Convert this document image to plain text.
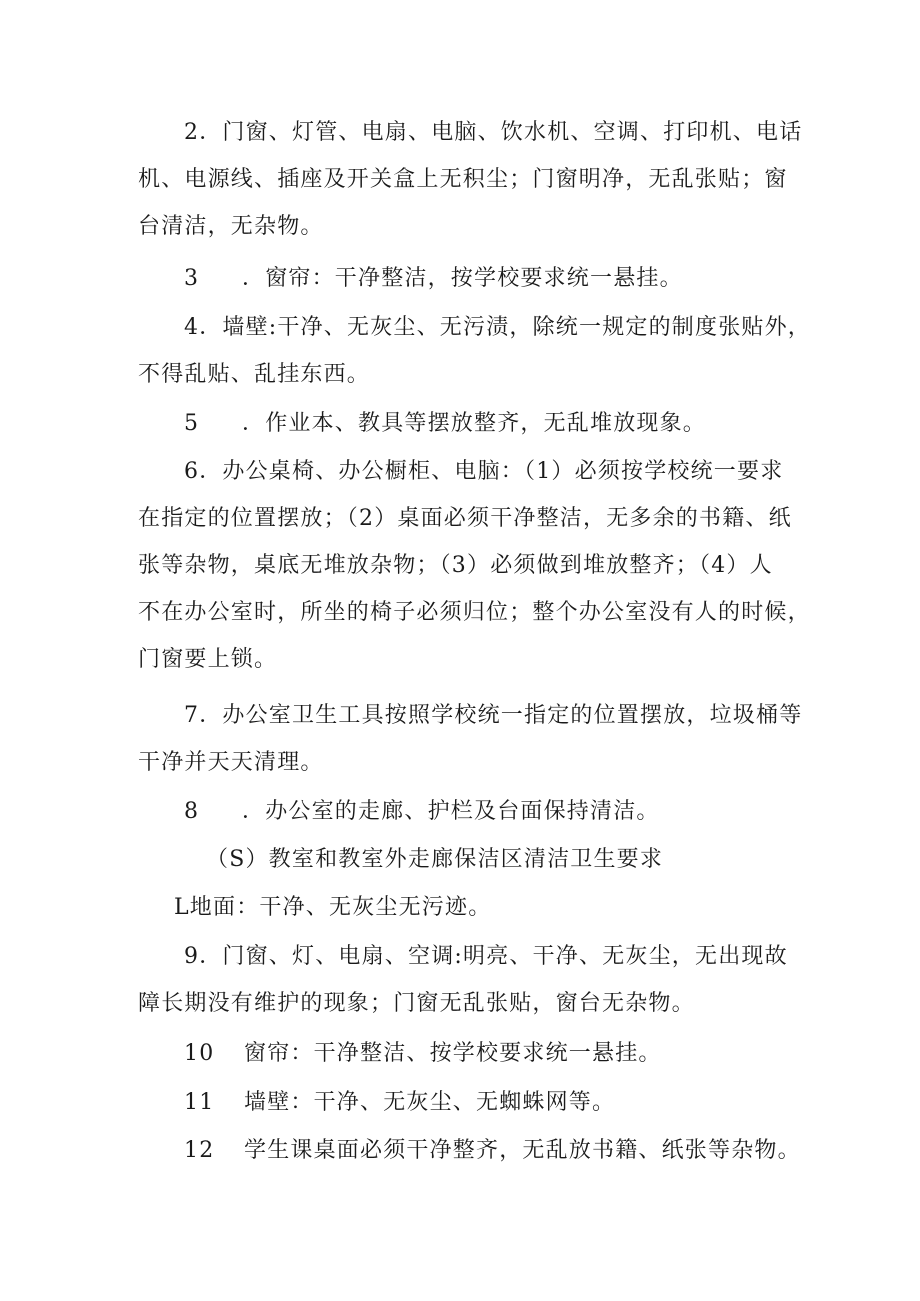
2．门窗、灯管、电扇、电脑、饮水机、空调、打印机、电话
机、电源线、插座及开关盒上无积尘；门窗明净，无乱张贴；窗
台清洁，无杂物。
3 ．窗帘：干净整洁，按学校要求统一悬挂。
4．墙壁:干净、无灰尘、无污渍，除统一规定的制度张贴外，
不得乱贴、乱挂东西。
5 ．作业本、教具等摆放整齐，无乱堆放现象。
6．办公桌椅、办公橱柜、电脑：（1）必须按学校统一要求
在指定的位置摆放；（2）桌面必须干净整洁，无多余的书籍、纸
张等杂物，桌底无堆放杂物；（3）必须做到堆放整齐；（4）人
不在办公室时，所坐的椅子必须归位；整个办公室没有人的时候，
门窗要上锁。
7．办公室卫生工具按照学校统一指定的位置摆放，垃圾桶等
干净并天天清理。
8 ．办公室的走廊、护栏及台面保持清洁。
（S）教室和教室外走廊保洁区清洁卫生要求
L地面：干净、无灰尘无污迹。
9．门窗、灯、电扇、空调:明亮、干净、无灰尘，无出现故
障长期没有维护的现象；门窗无乱张贴，窗台无杂物。
10 窗帘：干净整洁、按学校要求统一悬挂。
11 墙壁：干净、无灰尘、无蜘蛛网等。
12 学生课桌面必须干净整齐，无乱放书籍、纸张等杂物。
